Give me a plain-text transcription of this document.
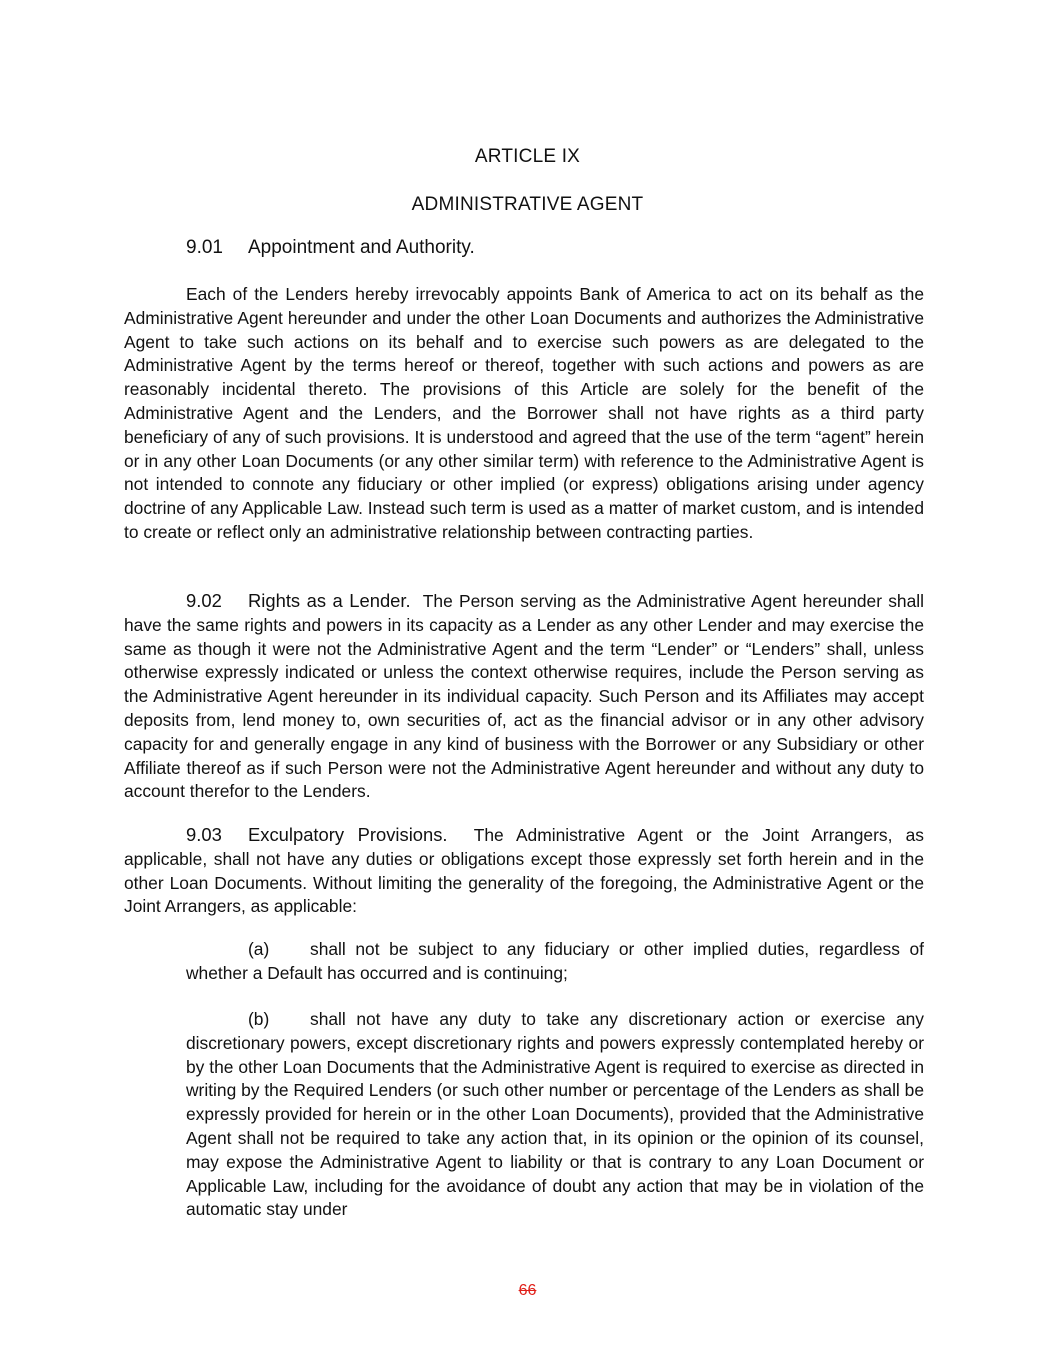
ARTICLE IX
ADMINISTRATIVE AGENT
9.01 Appointment and Authority.

Each of the Lenders hereby irrevocably appoints Bank of America to act on its behalf as the Administrative Agent hereunder and under the other Loan Documents and authorizes the Administrative Agent to take such actions on its behalf and to exercise such powers as are delegated to the Administrative Agent by the terms hereof or thereof, together with such actions and powers as are reasonably incidental thereto. The provisions of this Article are solely for the benefit of the Administrative Agent and the Lenders, and the Borrower shall not have rights as a third party beneficiary of any of such provisions. It is understood and agreed that the use of the term “agent” herein or in any other Loan Documents (or any other similar term) with reference to the Administrative Agent is not intended to connote any fiduciary or other implied (or express) obligations arising under agency doctrine of any Applicable Law. Instead such term is used as a matter of market custom, and is intended to create or reflect only an administrative relationship between contracting parties.

9.02 Rights as a Lender. The Person serving as the Administrative Agent hereunder shall have the same rights and powers in its capacity as a Lender as any other Lender and may exercise the same as though it were not the Administrative Agent and the term “Lender” or “Lenders” shall, unless otherwise expressly indicated or unless the context otherwise requires, include the Person serving as the Administrative Agent hereunder in its individual capacity. Such Person and its Affiliates may accept deposits from, lend money to, own securities of, act as the financial advisor or in any other advisory capacity for and generally engage in any kind of business with the Borrower or any Subsidiary or other Affiliate thereof as if such Person were not the Administrative Agent hereunder and without any duty to account therefor to the Lenders.

9.03 Exculpatory Provisions. The Administrative Agent or the Joint Arrangers, as applicable, shall not have any duties or obligations except those expressly set forth herein and in the other Loan Documents. Without limiting the generality of the foregoing, the Administrative Agent or the Joint Arrangers, as applicable:

(a) shall not be subject to any fiduciary or other implied duties, regardless of whether a Default has occurred and is continuing;

(b) shall not have any duty to take any discretionary action or exercise any discretionary powers, except discretionary rights and powers expressly contemplated hereby or by the other Loan Documents that the Administrative Agent is required to exercise as directed in writing by the Required Lenders (or such other number or percentage of the Lenders as shall be expressly provided for herein or in the other Loan Documents), provided that the Administrative Agent shall not be required to take any action that, in its opinion or the opinion of its counsel, may expose the Administrative Agent to liability or that is contrary to any Loan Document or Applicable Law, including for the avoidance of doubt any action that may be in violation of the automatic stay under

66
